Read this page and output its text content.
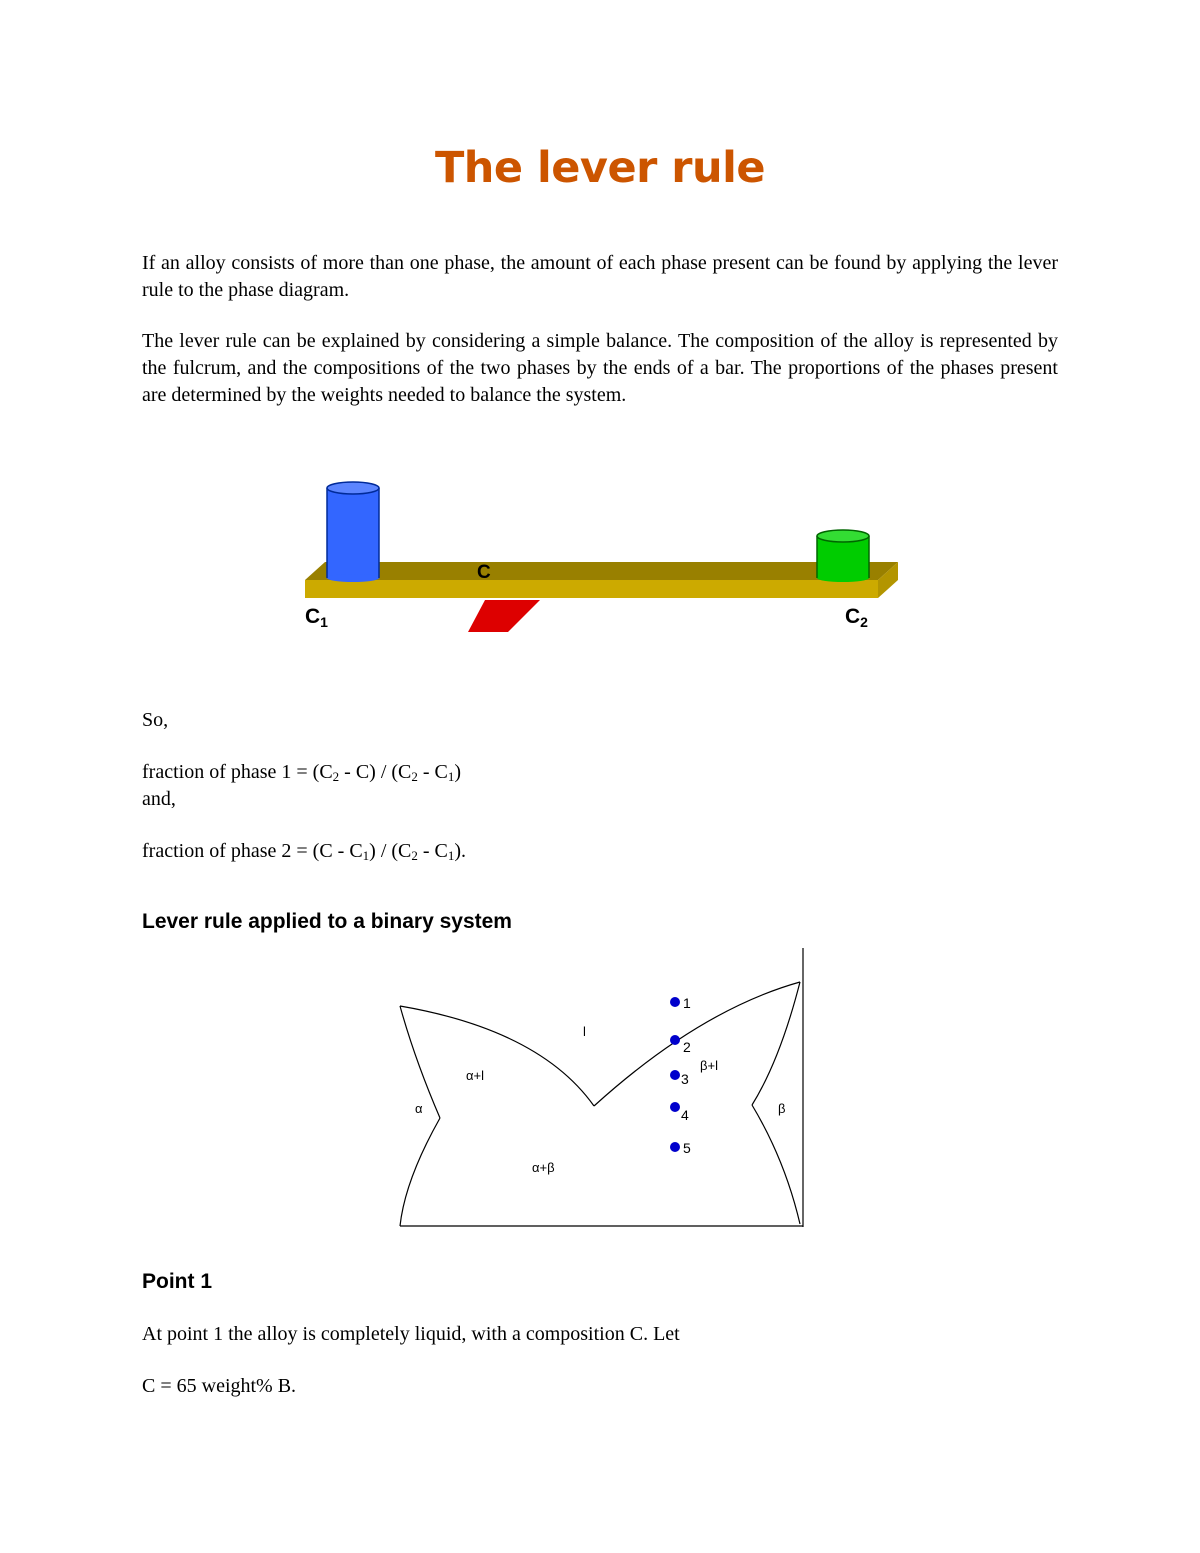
The lever rule

If an alloy consists of more than one phase, the amount of each phase present can be found by applying the lever rule to the phase diagram.

The lever rule can be explained by considering a simple balance. The composition of the alloy is represented by the fulcrum, and the compositions of the two phases by the ends of a bar. The proportions of the phases present are determined by the weights needed to balance the system.

C
C1	C2

So,

fraction of phase $1 = (C_2 - C) / (C_2 - C_1)$

and,

fraction of phase $2 = (C - C_1) / (C_2 - C_1)$.

Lever rule applied to a binary system
l
α+l
α
α+β
β+l
β
1
2
3
4
5
Point 1

At point 1 the alloy is completely liquid, with a composition C. Let

C = 65 weight% B.
